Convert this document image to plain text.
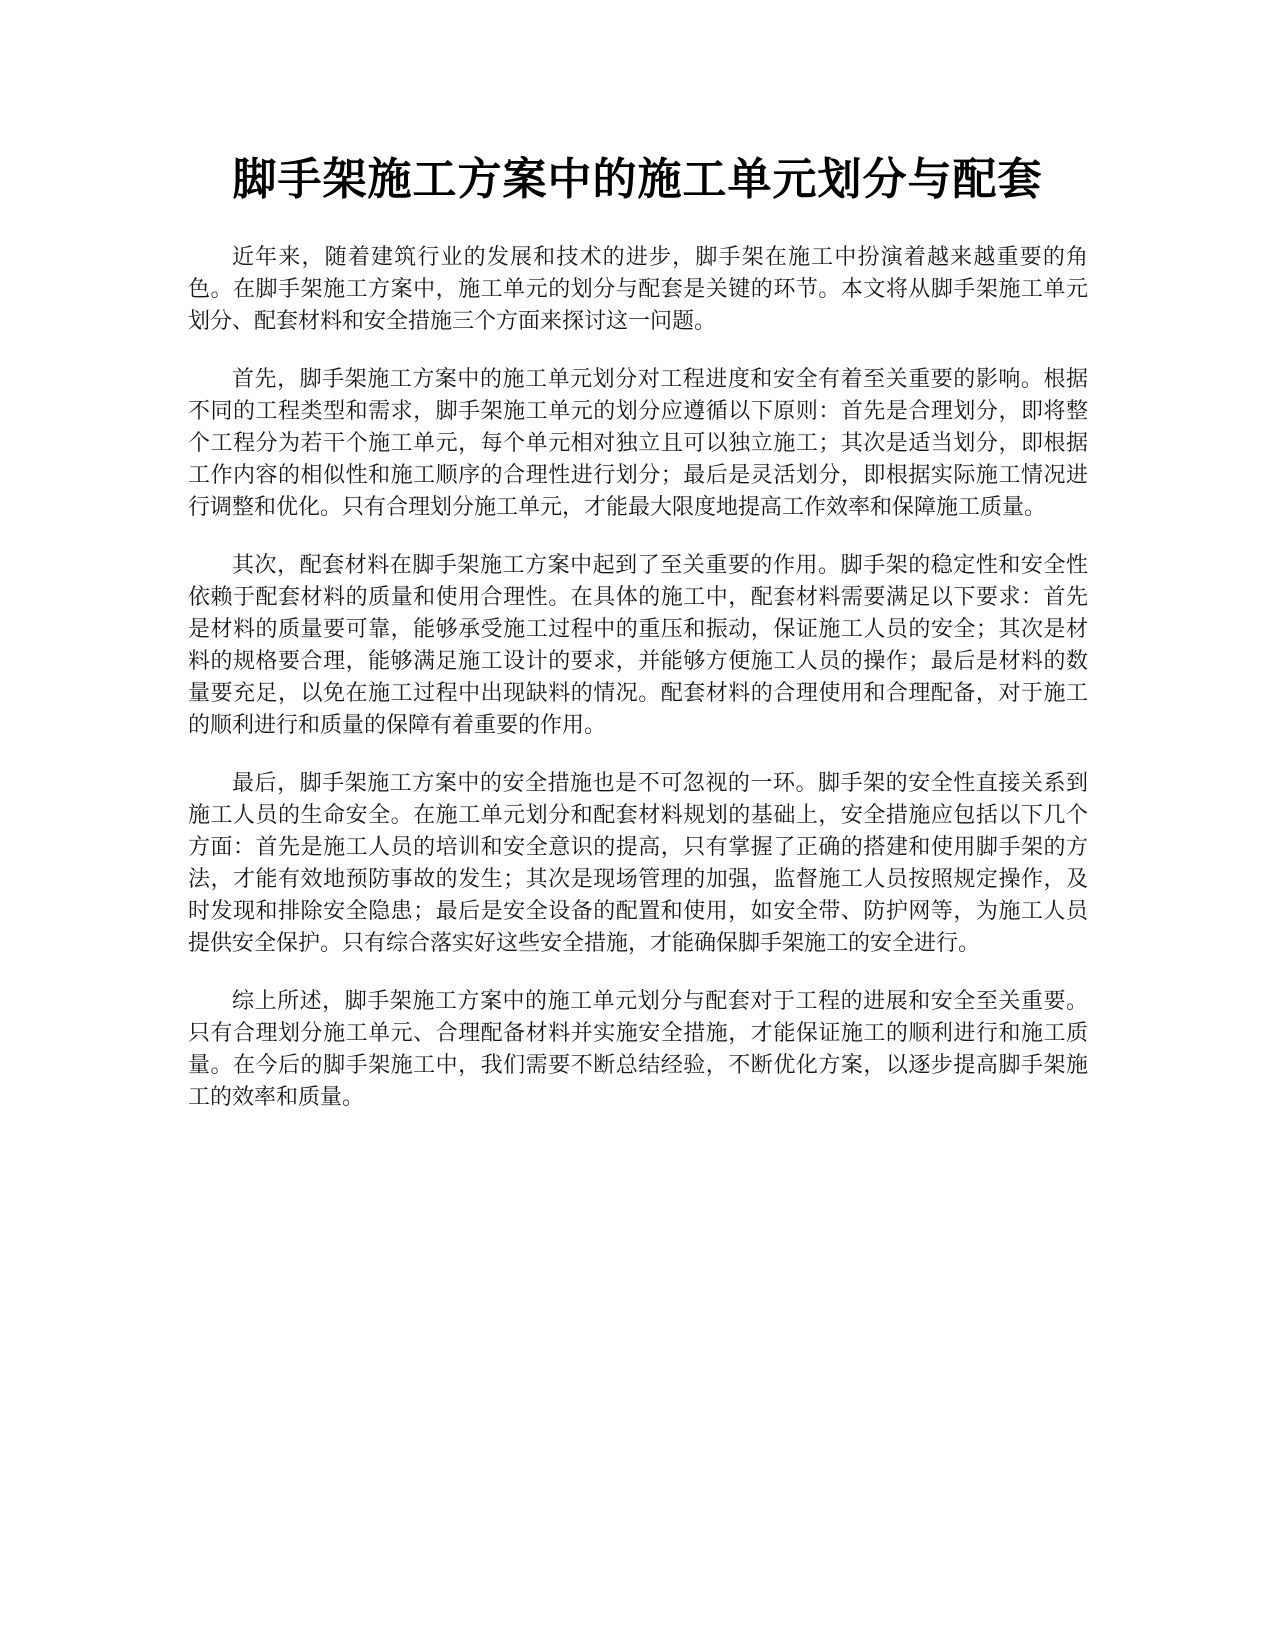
脚手架施工方案中的施工单元划分与配套

近年来，随着建筑行业的发展和技术的进步，脚手架在施工中扮演着越来越重要的角色。在脚手架施工方案中，施工单元的划分与配套是关键的环节。本文将从脚手架施工单元划分、配套材料和安全措施三个方面来探讨这一问题。

首先，脚手架施工方案中的施工单元划分对工程进度和安全有着至关重要的影响。根据不同的工程类型和需求，脚手架施工单元的划分应遵循以下原则：首先是合理划分，即将整个工程分为若干个施工单元，每个单元相对独立且可以独立施工；其次是适当划分，即根据工作内容的相似性和施工顺序的合理性进行划分；最后是灵活划分，即根据实际施工情况进行调整和优化。只有合理划分施工单元，才能最大限度地提高工作效率和保障施工质量。

其次，配套材料在脚手架施工方案中起到了至关重要的作用。脚手架的稳定性和安全性依赖于配套材料的质量和使用合理性。在具体的施工中，配套材料需要满足以下要求：首先是材料的质量要可靠，能够承受施工过程中的重压和振动，保证施工人员的安全；其次是材料的规格要合理，能够满足施工设计的要求，并能够方便施工人员的操作；最后是材料的数量要充足，以免在施工过程中出现缺料的情况。配套材料的合理使用和合理配备，对于施工的顺利进行和质量的保障有着重要的作用。

最后，脚手架施工方案中的安全措施也是不可忽视的一环。脚手架的安全性直接关系到施工人员的生命安全。在施工单元划分和配套材料规划的基础上，安全措施应包括以下几个方面：首先是施工人员的培训和安全意识的提高，只有掌握了正确的搭建和使用脚手架的方法，才能有效地预防事故的发生；其次是现场管理的加强，监督施工人员按照规定操作，及时发现和排除安全隐患；最后是安全设备的配置和使用，如安全带、防护网等，为施工人员提供安全保护。只有综合落实好这些安全措施，才能确保脚手架施工的安全进行。

综上所述，脚手架施工方案中的施工单元划分与配套对于工程的进展和安全至关重要。只有合理划分施工单元、合理配备材料并实施安全措施，才能保证施工的顺利进行和施工质量。在今后的脚手架施工中，我们需要不断总结经验，不断优化方案，以逐步提高脚手架施工的效率和质量。
